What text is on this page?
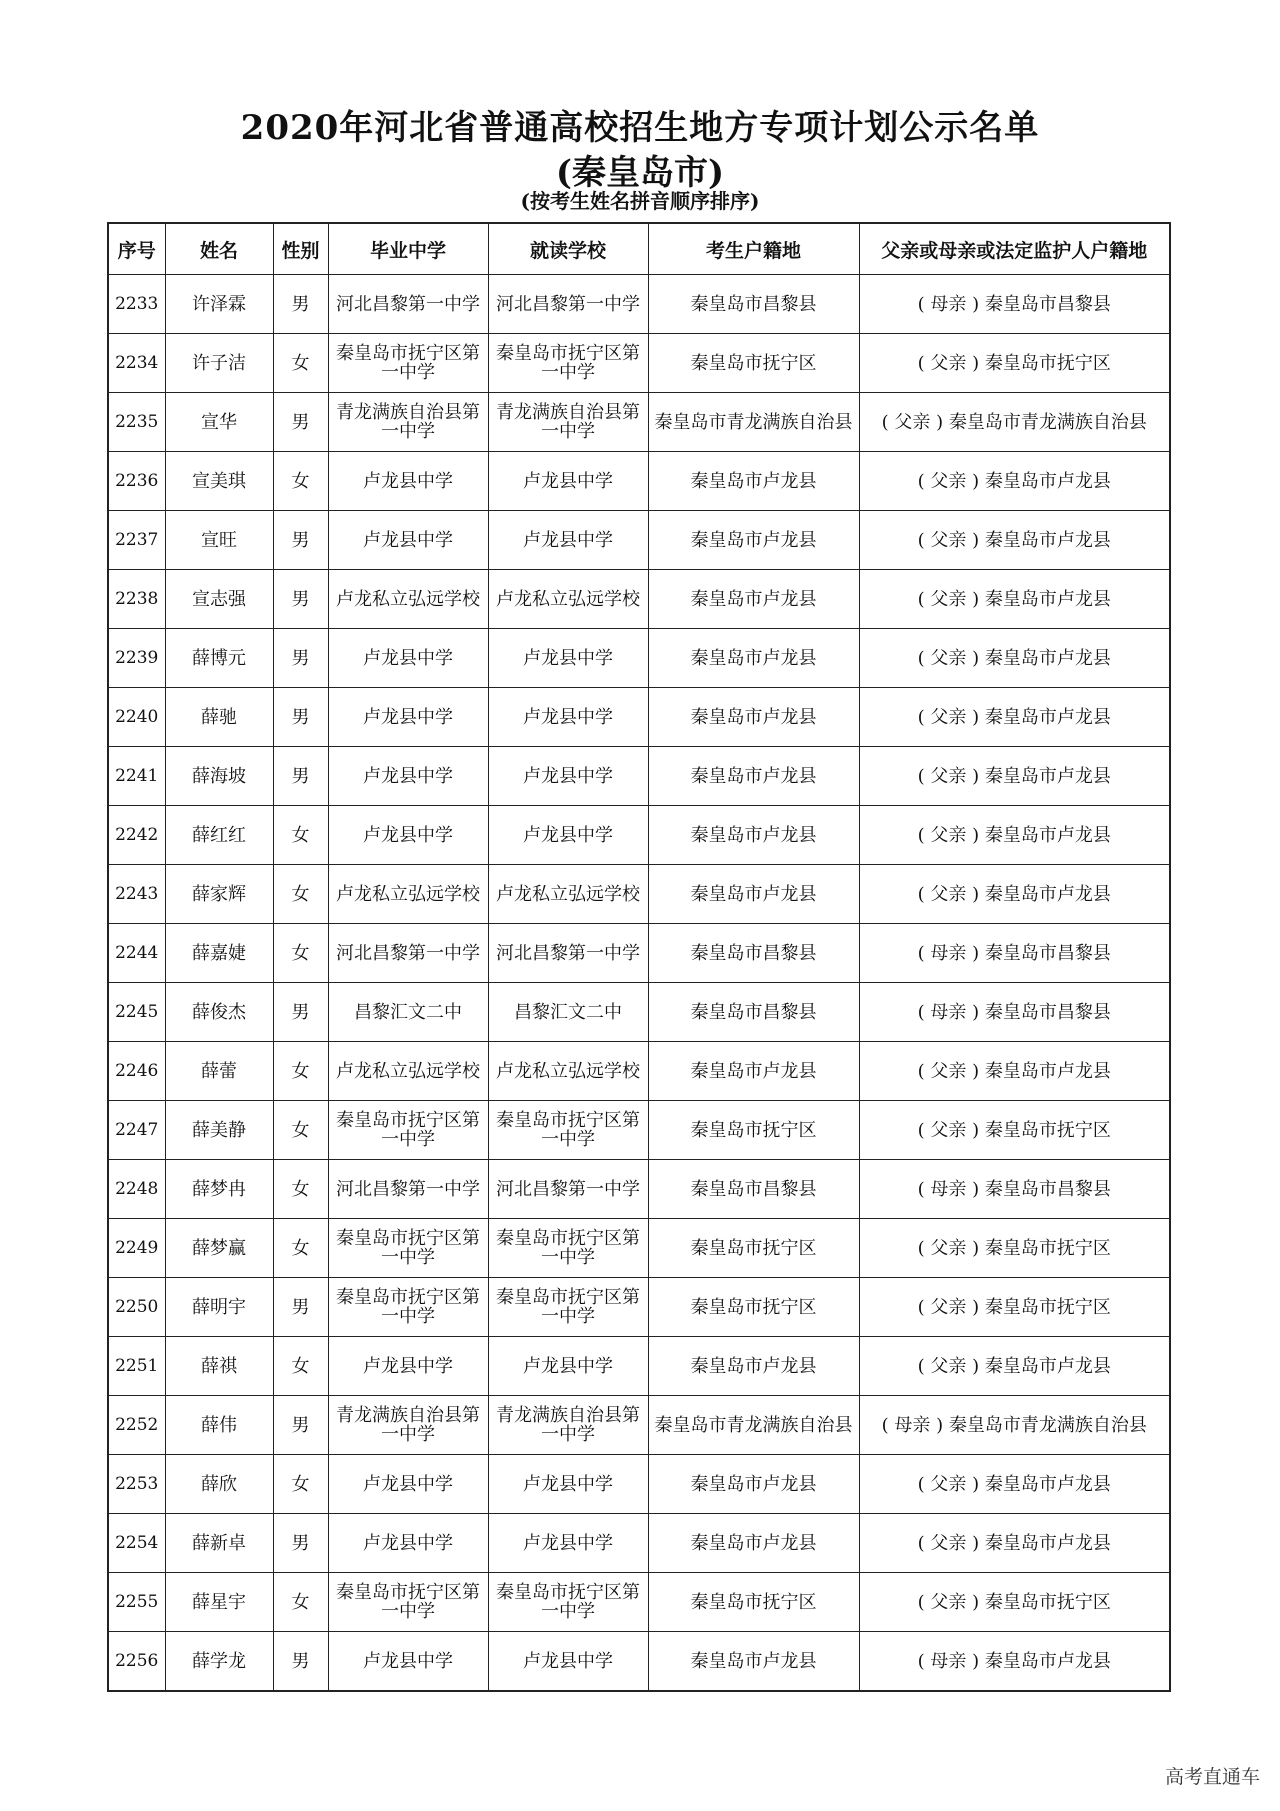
2020年河北省普通高校招生地方专项计划公示名单
(秦皇岛市)
(按考生姓名拼音顺序排序)
序号	姓名	性别	毕业中学	就读学校	考生户籍地	父亲或母亲或法定监护人户籍地
2233	许泽霖	男	河北昌黎第一中学	河北昌黎第一中学	秦皇岛市昌黎县	( 母亲 ) 秦皇岛市昌黎县
2234	许子洁	女	秦皇岛市抚宁区第一中学	秦皇岛市抚宁区第一中学	秦皇岛市抚宁区	( 父亲 ) 秦皇岛市抚宁区
2235	宣华	男	青龙满族自治县第一中学	青龙满族自治县第一中学	秦皇岛市青龙满族自治县	( 父亲 ) 秦皇岛市青龙满族自治县
2236	宣美琪	女	卢龙县中学	卢龙县中学	秦皇岛市卢龙县	( 父亲 ) 秦皇岛市卢龙县
2237	宣旺	男	卢龙县中学	卢龙县中学	秦皇岛市卢龙县	( 父亲 ) 秦皇岛市卢龙县
2238	宣志强	男	卢龙私立弘远学校	卢龙私立弘远学校	秦皇岛市卢龙县	( 父亲 ) 秦皇岛市卢龙县
2239	薛博元	男	卢龙县中学	卢龙县中学	秦皇岛市卢龙县	( 父亲 ) 秦皇岛市卢龙县
2240	薛驰	男	卢龙县中学	卢龙县中学	秦皇岛市卢龙县	( 父亲 ) 秦皇岛市卢龙县
2241	薛海坡	男	卢龙县中学	卢龙县中学	秦皇岛市卢龙县	( 父亲 ) 秦皇岛市卢龙县
2242	薛红红	女	卢龙县中学	卢龙县中学	秦皇岛市卢龙县	( 父亲 ) 秦皇岛市卢龙县
2243	薛家辉	女	卢龙私立弘远学校	卢龙私立弘远学校	秦皇岛市卢龙县	( 父亲 ) 秦皇岛市卢龙县
2244	薛嘉婕	女	河北昌黎第一中学	河北昌黎第一中学	秦皇岛市昌黎县	( 母亲 ) 秦皇岛市昌黎县
2245	薛俊杰	男	昌黎汇文二中	昌黎汇文二中	秦皇岛市昌黎县	( 母亲 ) 秦皇岛市昌黎县
2246	薛蕾	女	卢龙私立弘远学校	卢龙私立弘远学校	秦皇岛市卢龙县	( 父亲 ) 秦皇岛市卢龙县
2247	薛美静	女	秦皇岛市抚宁区第一中学	秦皇岛市抚宁区第一中学	秦皇岛市抚宁区	( 父亲 ) 秦皇岛市抚宁区
2248	薛梦冉	女	河北昌黎第一中学	河北昌黎第一中学	秦皇岛市昌黎县	( 母亲 ) 秦皇岛市昌黎县
2249	薛梦赢	女	秦皇岛市抚宁区第一中学	秦皇岛市抚宁区第一中学	秦皇岛市抚宁区	( 父亲 ) 秦皇岛市抚宁区
2250	薛明宇	男	秦皇岛市抚宁区第一中学	秦皇岛市抚宁区第一中学	秦皇岛市抚宁区	( 父亲 ) 秦皇岛市抚宁区
2251	薛祺	女	卢龙县中学	卢龙县中学	秦皇岛市卢龙县	( 父亲 ) 秦皇岛市卢龙县
2252	薛伟	男	青龙满族自治县第一中学	青龙满族自治县第一中学	秦皇岛市青龙满族自治县	( 母亲 ) 秦皇岛市青龙满族自治县
2253	薛欣	女	卢龙县中学	卢龙县中学	秦皇岛市卢龙县	( 父亲 ) 秦皇岛市卢龙县
2254	薛新卓	男	卢龙县中学	卢龙县中学	秦皇岛市卢龙县	( 父亲 ) 秦皇岛市卢龙县
2255	薛星宇	女	秦皇岛市抚宁区第一中学	秦皇岛市抚宁区第一中学	秦皇岛市抚宁区	( 父亲 ) 秦皇岛市抚宁区
2256	薛学龙	男	卢龙县中学	卢龙县中学	秦皇岛市卢龙县	( 母亲 ) 秦皇岛市卢龙县
高考直通车
